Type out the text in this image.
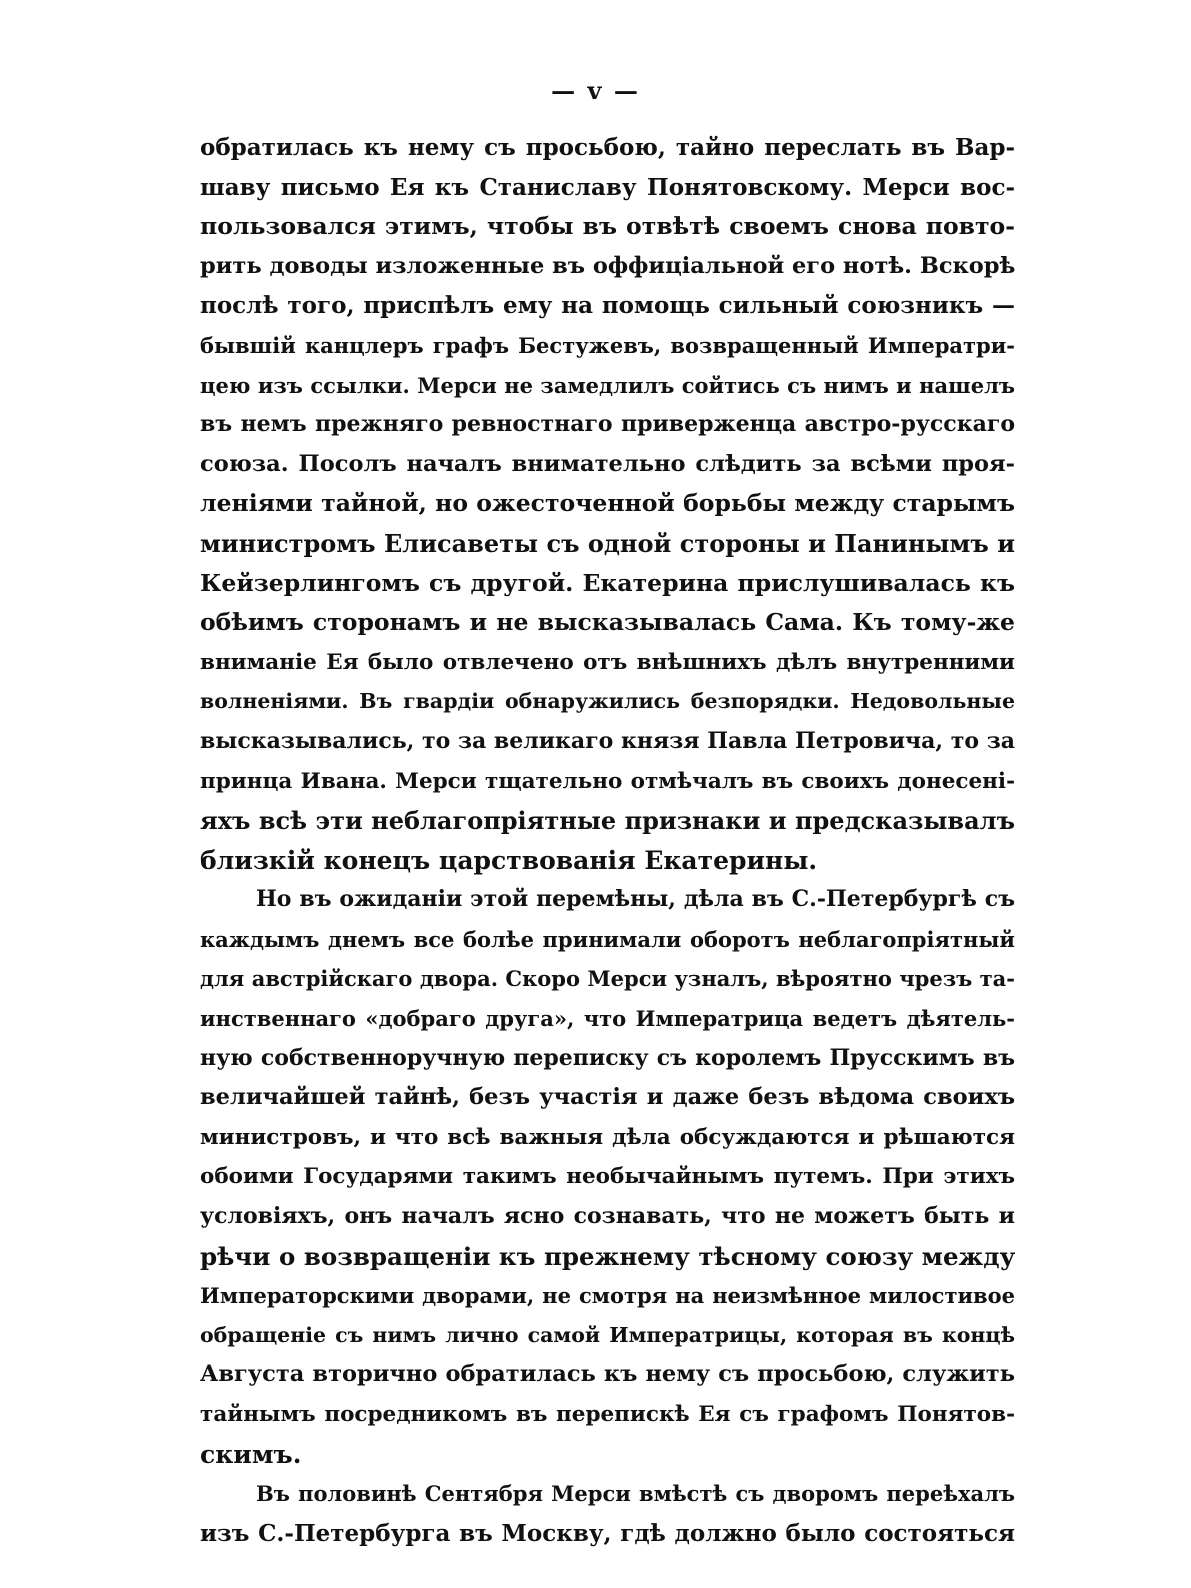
— v —
обратилась къ нему съ просьбою, тайно переслать въ Вар-
шаву письмо Ея къ Станиславу Понятовскому. Мерси вос-
пользовался этимъ, чтобы въ отвѣтѣ своемъ снова повто-
рить доводы изложенные въ оффиціальной его нотѣ. Вскорѣ
послѣ того, приспѣлъ ему на помощь сильный союзникъ —
бывшій канцлеръ графъ Бестужевъ, возвращенный Императри-
цею изъ ссылки. Мерси не замедлилъ сойтись съ нимъ и нашелъ
въ немъ прежняго ревностнаго приверженца австро-русскаго
союза. Посолъ началъ внимательно слѣдить за всѣми проя-
леніями тайной, но ожесточенной борьбы между старымъ
министромъ Елисаветы съ одной стороны и Панинымъ и
Кейзерлингомъ съ другой. Екатерина прислушивалась къ
обѣимъ сторонамъ и не высказывалась Сама. Къ тому-же
вниманіе Ея было отвлечено отъ внѣшнихъ дѣлъ внутренними
волненіями. Въ гвардіи обнаружились безпорядки. Недовольные
высказывались, то за великаго князя Павла Петровича, то за
принца Ивана. Мерси тщательно отмѣчалъ въ своихъ донесені-
яхъ всѣ эти неблагопріятные признаки и предсказывалъ
близкій конецъ царствованія Екатерины.
Но въ ожиданіи этой перемѣны, дѣла въ С.-Петербургѣ съ
каждымъ днемъ все болѣе принимали оборотъ неблагопріятный
для австрійскаго двора. Скоро Мерси узналъ, вѣроятно чрезъ та-
инственнаго «добраго друга», что Императрица ведетъ дѣятель-
ную собственноручную переписку съ королемъ Прусскимъ въ
величайшей тайнѣ, безъ участія и даже безъ вѣдома своихъ
министровъ, и что всѣ важныя дѣла обсуждаются и рѣшаются
обоими Государями такимъ необычайнымъ путемъ. При этихъ
условіяхъ, онъ началъ ясно сознавать, что не можетъ быть и
рѣчи о возвращеніи къ прежнему тѣсному союзу между
Императорскими дворами, не смотря на неизмѣнное милостивое
обращеніе съ нимъ лично самой Императрицы, которая въ концѣ
Августа вторично обратилась къ нему съ просьбою, служить
тайнымъ посредникомъ въ перепискѣ Ея съ графомъ Понятов-
скимъ.
Въ половинѣ Сентября Мерси вмѣстѣ съ дворомъ переѣхалъ
изъ С.-Петербурга въ Москву, гдѣ должно было состояться
